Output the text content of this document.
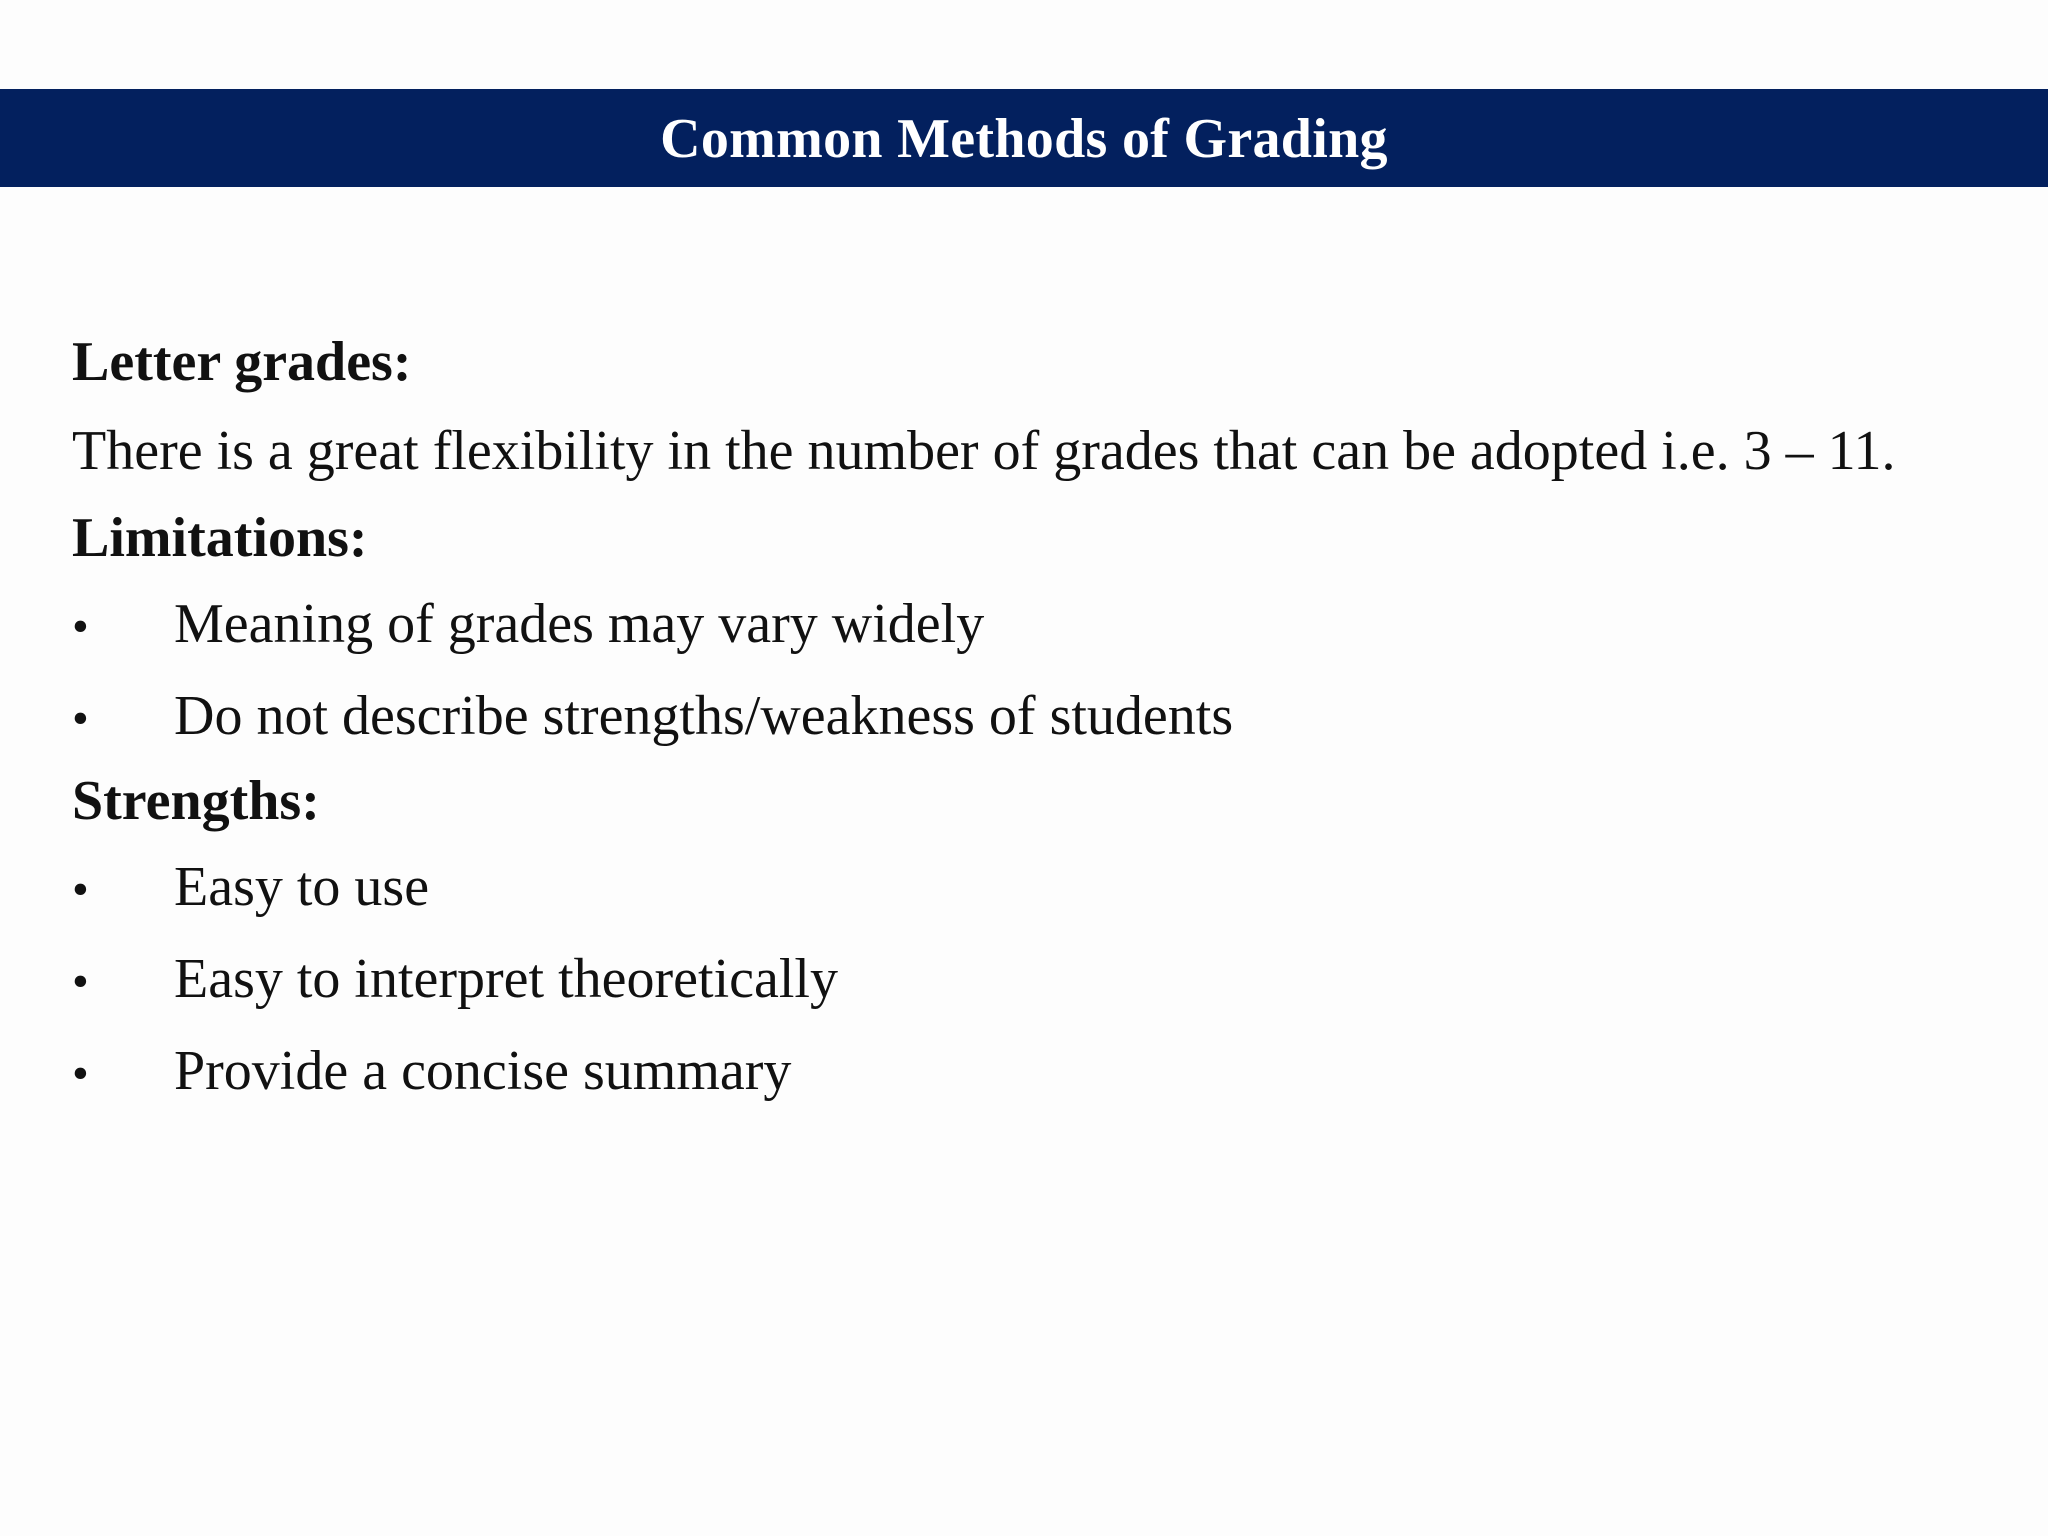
Common Methods of Grading

Letter grades:

There is a great flexibility in the number of grades that can be adopted i.e. 3 – 11.

Limitations:

•	Meaning of grades may vary widely
•	Do not describe strengths/weakness of students

Strengths:

•	Easy to use
•	Easy to interpret theoretically
•	Provide a concise summary
